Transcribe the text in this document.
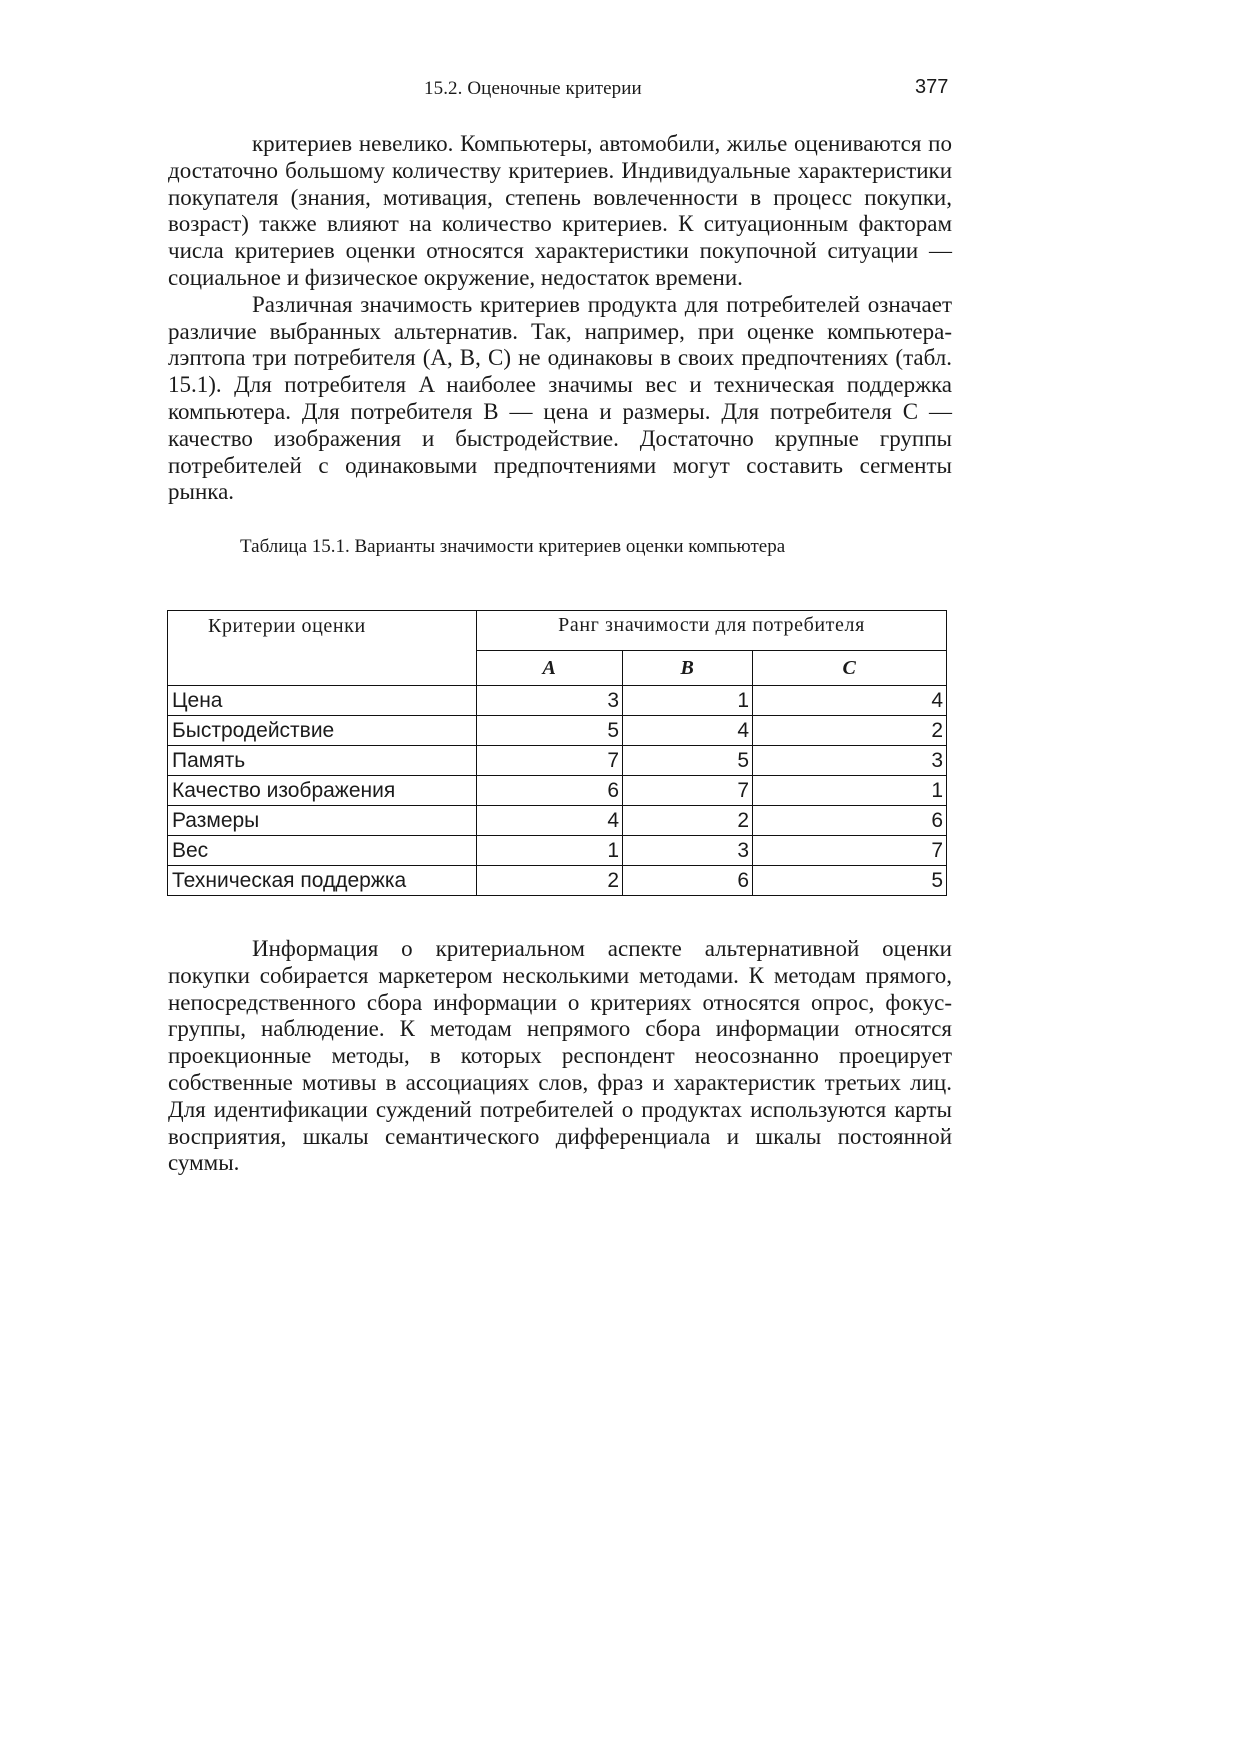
15.2. Оценочные критерии	377

критериев невелико. Компьютеры, автомобили, жилье оцениваются по достаточно большому количеству критериев. Индивидуальные характеристики покупателя (знания, мотивация, степень вовлеченности в процесс покупки, возраст) также влияют на количество критериев. К ситуационным факторам числа критериев оценки относятся характеристики покупочной ситуации — социальное и физическое окружение, недостаток времени.

Различная значимость критериев продукта для потребителей означает различие выбранных альтернатив. Так, например, при оценке компьютера-лэптопа три потребителя (A, B, C) не одинаковы в своих предпочтениях (табл. 15.1). Для потребителя A наиболее значимы вес и техническая поддержка компьютера. Для потребителя B — цена и размеры. Для потребителя C — качество изображения и быстродействие. Достаточно крупные группы потребителей с одинаковыми предпочтениями могут составить сегменты рынка.

Таблица 15.1. Варианты значимости критериев оценки компьютера
Критерии оценки	Ранг значимости для потребителя		
	A	B	C
Цена	3	1	4
Быстродействие	5	4	2
Память	7	5	3
Качество изображения	6	7	1
Размеры	4	2	6
Вес	1	3	7
Техническая поддержка	2	6	5

Информация о критериальном аспекте альтернативной оценки покупки собирается маркетером несколькими методами. К методам прямого, непосредственного сбора информации о критериях относятся опрос, фокус-группы, наблюдение. К методам непрямого сбора информации относятся проекционные методы, в которых респондент неосознанно проецирует собственные мотивы в ассоциациях слов, фраз и характеристик третьих лиц. Для идентификации суждений потребителей о продуктах используются карты восприятия, шкалы семантического дифференциала и шкалы постоянной суммы.
